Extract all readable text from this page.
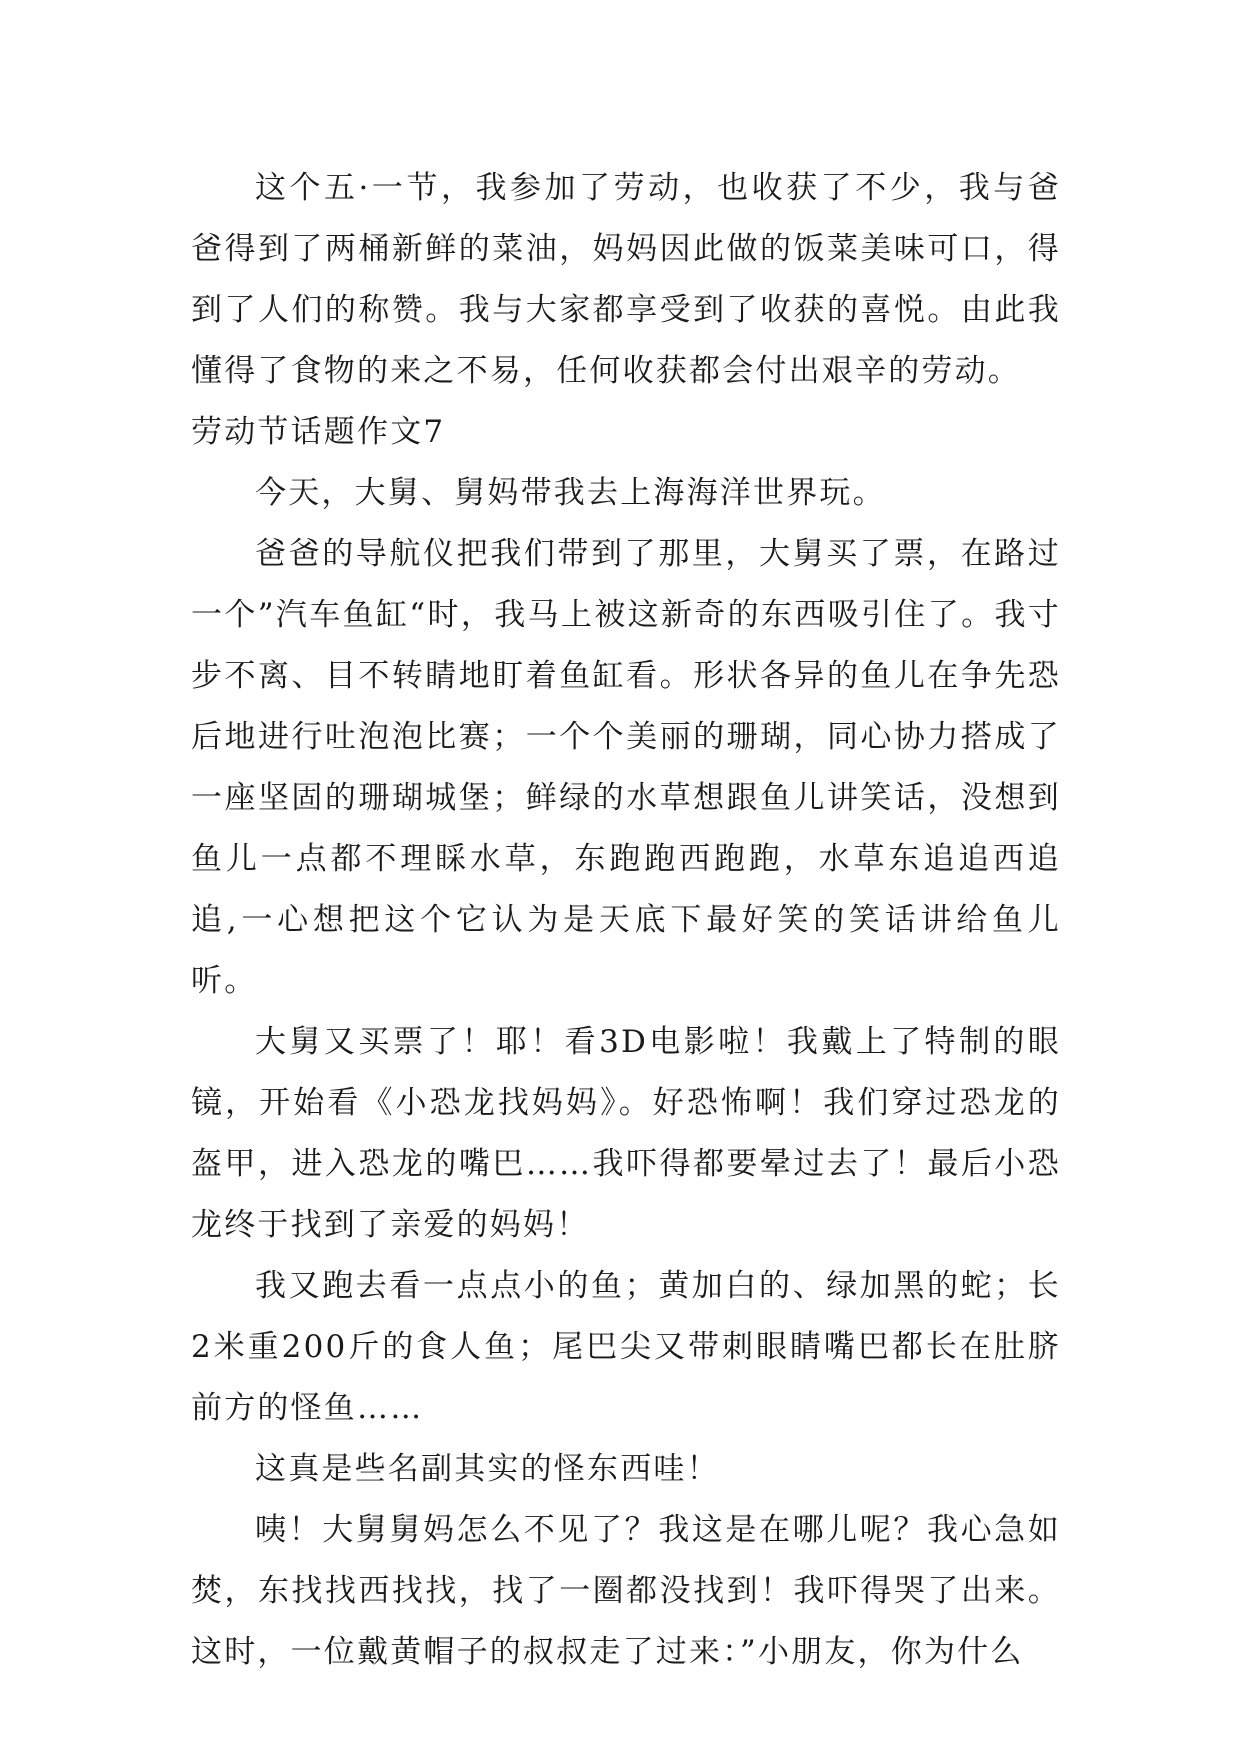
这个五·一节，我参加了劳动，也收获了不少，我与爸爸得到了两桶新鲜的菜油，妈妈因此做的饭菜美味可口，得到了人们的称赞。我与大家都享受到了收获的喜悦。由此我懂得了食物的来之不易，任何收获都会付出艰辛的劳动。

劳动节话题作文7

今天，大舅、舅妈带我去上海海洋世界玩。

爸爸的导航仪把我们带到了那里，大舅买了票，在路过一个”汽车鱼缸“时，我马上被这新奇的东西吸引住了。我寸步不离、目不转睛地盯着鱼缸看。形状各异的鱼儿在争先恐后地进行吐泡泡比赛；一个个美丽的珊瑚，同心协力搭成了一座坚固的珊瑚城堡；鲜绿的水草想跟鱼儿讲笑话，没想到鱼儿一点都不理睬水草，东跑跑西跑跑，水草东追追西追追,一心想把这个它认为是天底下最好笑的笑话讲给鱼儿听。

大舅又买票了！耶！看3D电影啦！我戴上了特制的眼镜，开始看《小恐龙找妈妈》。好恐怖啊！我们穿过恐龙的盔甲，进入恐龙的嘴巴……我吓得都要晕过去了！最后小恐龙终于找到了亲爱的妈妈！

我又跑去看一点点小的鱼；黄加白的、绿加黑的蛇；长2米重200斤的食人鱼；尾巴尖又带刺眼睛嘴巴都长在肚脐前方的怪鱼……

这真是些名副其实的怪东西哇！

咦！大舅舅妈怎么不见了？我这是在哪儿呢？我心急如焚，东找找西找找，找了一圈都没找到！我吓得哭了出来。这时，一位戴黄帽子的叔叔走了过来：”小朋友，你为什么
